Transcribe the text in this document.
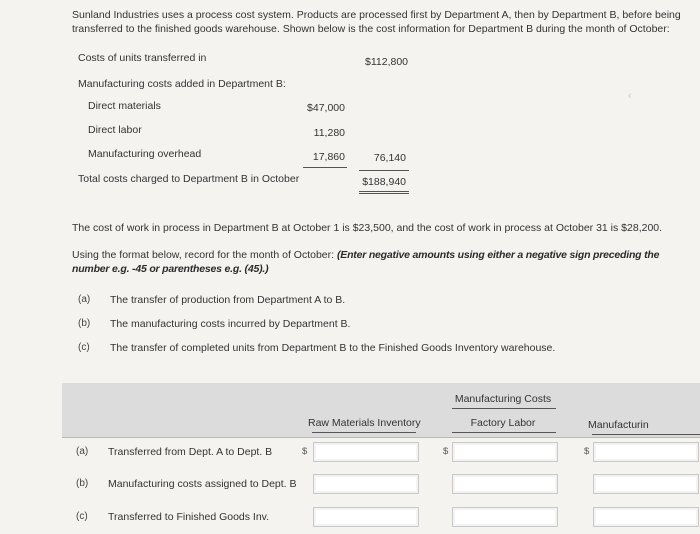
Sunland Industries uses a process cost system. Products are processed first by Department A, then by Department B, before being transferred to the finished goods warehouse. Shown below is the cost information for Department B during the month of October:
Costs of units transferred in	$112,800
Manufacturing costs added in Department B:
Direct materials	$47,000
Direct labor	11,280
Manufacturing overhead	17,860	76,140
Total costs charged to Department B in October	$188,940
‹
The cost of work in process in Department B at October 1 is $23,500, and the cost of work in process at October 31 is $28,200.
Using the format below, record for the month of October: (Enter negative amounts using either a negative sign preceding the number e.g. -45 or parentheses e.g. (45).)
(a) The transfer of production from Department A to B.
(b) The manufacturing costs incurred by Department B.
(c) The transfer of completed units from Department B to the Finished Goods Inventory warehouse.
Manufacturing Costs
Raw Materials Inventory	Factory Labor	Manufacturin
(a) Transferred from Dept. A to Dept. B	$	$	$
(b) Manufacturing costs assigned to Dept. B
(c) Transferred to Finished Goods Inv.
